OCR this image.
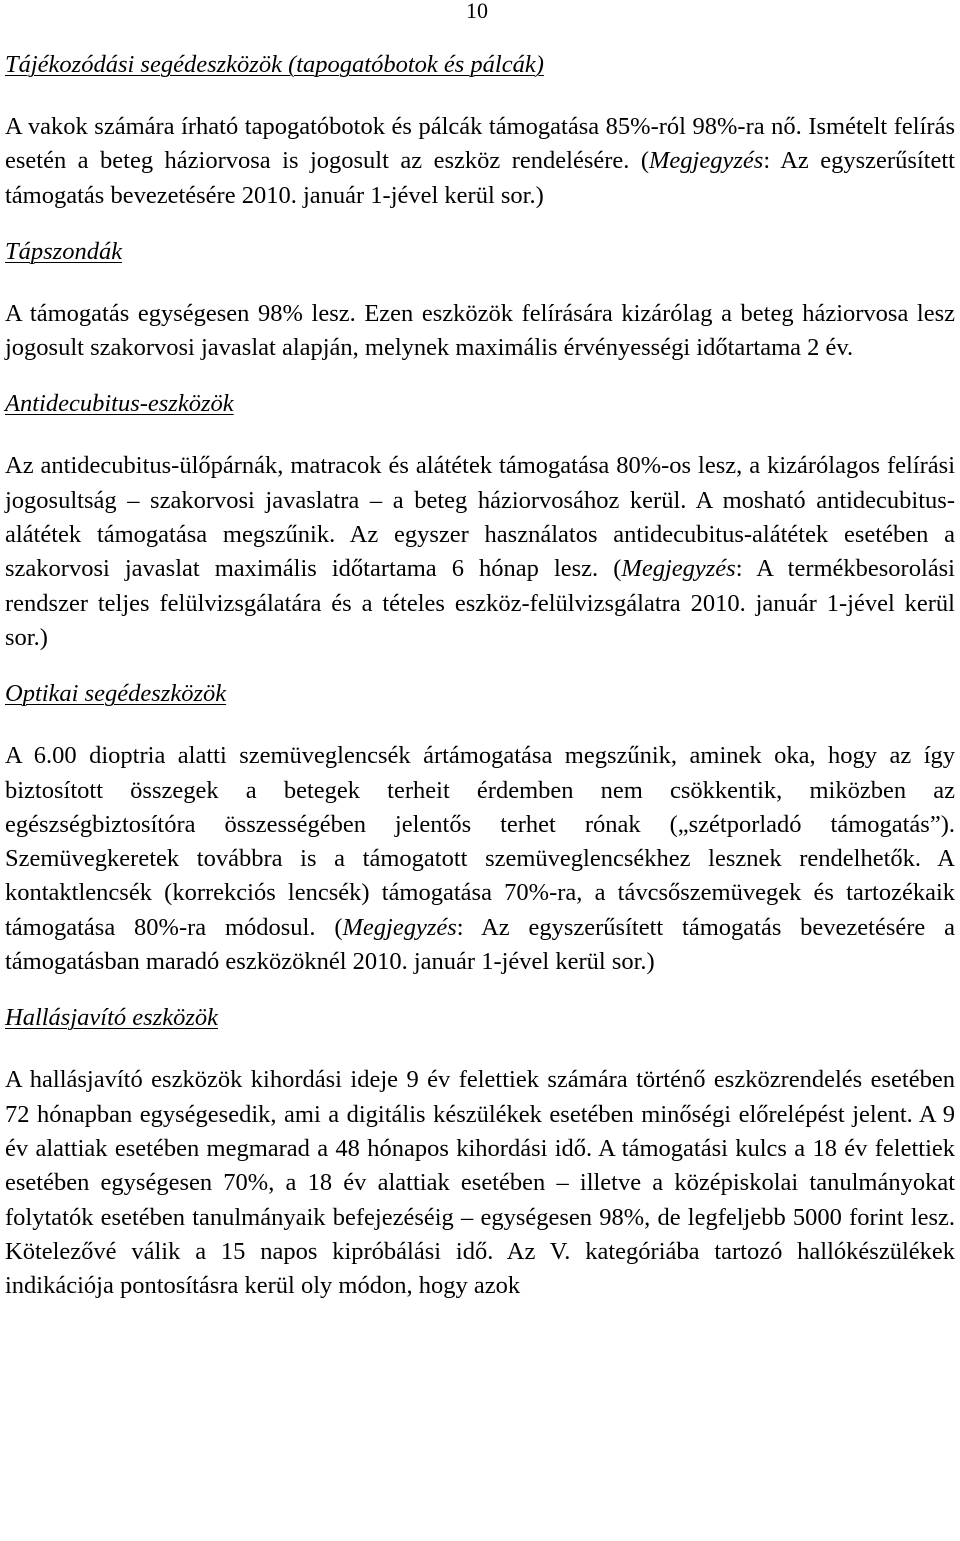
10
Tájékozódási segédeszközök (tapogatóbotok és pálcák)

A vakok számára írható tapogatóbotok és pálcák támogatása 85%-ról 98%-ra nő. Ismételt felírás esetén a beteg háziorvosa is jogosult az eszköz rendelésére. (Megjegyzés: Az egyszerűsített támogatás bevezetésére 2010. január 1-jével kerül sor.)

Tápszondák

A támogatás egységesen 98% lesz. Ezen eszközök felírására kizárólag a beteg háziorvosa lesz jogosult szakorvosi javaslat alapján, melynek maximális érvényességi időtartama 2 év.

Antidecubitus-eszközök

Az antidecubitus-ülőpárnák, matracok és alátétek támogatása 80%-os lesz, a kizárólagos felírási jogosultság – szakorvosi javaslatra – a beteg háziorvosához kerül. A mosható antidecubitus-alátétek támogatása megszűnik. Az egyszer használatos antidecubitus-alátétek esetében a szakorvosi javaslat maximális időtartama 6 hónap lesz. (Megjegyzés: A termékbesorolási rendszer teljes felülvizsgálatára és a tételes eszköz-felülvizsgálatra 2010. január 1-jével kerül sor.)

Optikai segédeszközök

A 6.00 dioptria alatti szemüveglencsék ártámogatása megszűnik, aminek oka, hogy az így biztosított összegek a betegek terheit érdemben nem csökkentik, miközben az egészségbiztosítóra összességében jelentős terhet rónak („szétporladó támogatás”). Szemüvegkeretek továbbra is a támogatott szemüveglencsékhez lesznek rendelhetők. A kontaktlencsék (korrekciós lencsék) támogatása 70%-ra, a távcsőszemüvegek és tartozékaik támogatása 80%-ra módosul. (Megjegyzés: Az egyszerűsített támogatás bevezetésére a támogatásban maradó eszközöknél 2010. január 1-jével kerül sor.)

Hallásjavító eszközök

A hallásjavító eszközök kihordási ideje 9 év felettiek számára történő eszközrendelés esetében 72 hónapban egységesedik, ami a digitális készülékek esetében minőségi előrelépést jelent. A 9 év alattiak esetében megmarad a 48 hónapos kihordási idő. A támogatási kulcs a 18 év felettiek esetében egységesen 70%, a 18 év alattiak esetében – illetve a középiskolai tanulmányokat folytatók esetében tanulmányaik befejezéséig – egységesen 98%, de legfeljebb 5000 forint lesz. Kötelezővé válik a 15 napos kipróbálási idő. Az V. kategóriába tartozó hallókészülékek indikációja pontosításra kerül oly módon, hogy azok
